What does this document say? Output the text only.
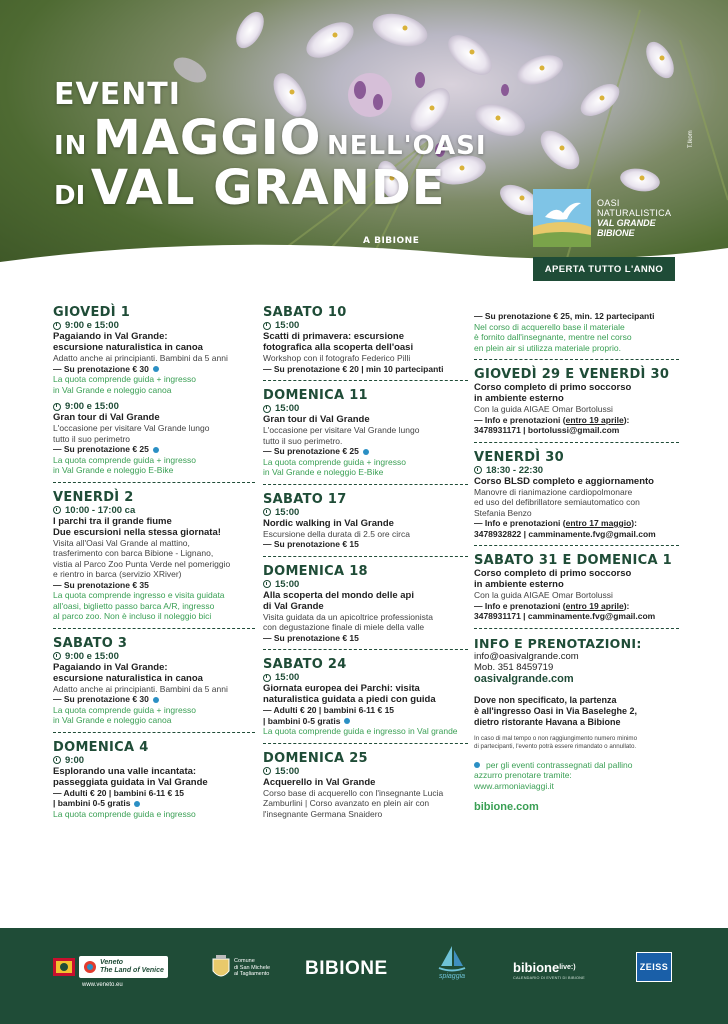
EVENTI
IN MAGGIO NELL'OASI
DI VAL GRANDE
A BIBIONE
T.Ikom
OASI
NATURALISTICA
VAL GRANDE
BIBIONE
APERTA TUTTO L'ANNO
GIOVEDÌ 1
9:00 e 15:00
Pagaiando in Val Grande:
escursione naturalistica in canoa
Adatto anche ai principianti. Bambini da 5 anni
— Su prenotazione € 30
La quota comprende guida + ingresso
in Val Grande e noleggio canoa
9:00 e 15:00
Gran tour di Val Grande
L'occasione per visitare Val Grande lungo
tutto il suo perimetro
— Su prenotazione € 25
La quota comprende guida + ingresso
in Val Grande e noleggio E-Bike
VENERDÌ 2
10:00 - 17:00 ca
I parchi tra il grande fiume
Due escursioni nella stessa giornata!
Visita all'Oasi Val Grande al mattino,
trasferimento con barca Bibione - Lignano,
vistia al Parco Zoo Punta Verde nel pomeriggio
e rientro in barca (servizio XRiver)
— Su prenotazione € 35
La quota comprende ingresso e visita guidata
all'oasi, biglietto passo barca A/R, ingresso
al parco zoo. Non è incluso il noleggio bici
SABATO 3
9:00 e 15:00
Pagaiando in Val Grande:
escursione naturalistica in canoa
Adatto anche ai principianti. Bambini da 5 anni
— Su prenotazione € 30
La quota comprende guida + ingresso
in Val Grande e noleggio canoa
DOMENICA 4
9:00
Esplorando una valle incantata:
passeggiata guidata in Val Grande
— Adulti € 20 | bambini 6-11 € 15
| bambini 0-5 gratis
La quota comprende guida e ingresso
SABATO 10
15:00
Scatti di primavera: escursione
fotografica alla scoperta dell'oasi
Workshop con il fotografo Federico Pilli
— Su prenotazione € 20 | min 10 partecipanti
DOMENICA 11
15:00
Gran tour di Val Grande
L'occasione per visitare Val Grande lungo
tutto il suo perimetro.
— Su prenotazione € 25
La quota comprende guida + ingresso
in Val Grande e noleggio E-Bike
SABATO 17
15:00
Nordic walking in Val Grande
Escursione della durata di 2.5 ore circa
— Su prenotazione € 15
DOMENICA 18
15:00
Alla scoperta del mondo delle api
di Val Grande
Visita guidata da un apicoltrice professionista
con degustazione finale di miele della valle
— Su prenotazione € 15
SABATO 24
15:00
Giornata europea dei Parchi: visita
naturalistica guidata a piedi con guida
— Adulti € 20 | bambini 6-11 € 15
| bambini 0-5 gratis
La quota comprende guida e ingresso in Val grande
DOMENICA 25
15:00
Acquerello in Val Grande
Corso base di acquerello con l'insegnante Lucia
Zamburlini | Corso avanzato en plein air con
l'insegnante Germana Snaidero
— Su prenotazione € 25, min. 12 partecipanti
Nel corso di acquerello base il materiale
è fornito dall'insegnante, mentre nel corso
en plein air si utilizza materiale proprio.
GIOVEDÌ 29 E VENERDÌ 30
Corso completo di primo soccorso
in ambiente esterno
Con la guida AIGAE Omar Bortolussi
— Info e prenotazioni (entro 19 aprile):
3478931171 | bortolussi@gmail.com
VENERDÌ 30
18:30 - 22:30
Corso BLSD completo e aggiornamento
Manovre di rianimazione cardiopolmonare
ed uso del defibrillatore semiautomatico con
Stefania Benzo
— Info e prenotazioni (entro 17 maggio):
3478932822 | camminamente.fvg@gmail.com
SABATO 31 E DOMENICA 1
Corso completo di primo soccorso
in ambiente esterno
Con la guida AIGAE Omar Bortolussi
— Info e prenotazioni (entro 19 aprile):
3478931171 | camminamente.fvg@gmail.com
INFO E PRENOTAZIONI:
info@oasivalgrande.com
Mob. 351 8459719
oasivalgrande.com
Dove non specificato, la partenza
è all'ingresso Oasi in Via Baseleghe 2,
dietro ristorante Havana a Bibione
In caso di mal tempo o non raggiungimento numero minimo
di partecipanti, l'evento potrà essere rimandato o annullato.
per gli eventi contrassegnati dal pallino
azzurro prenotare tramite:
www.armoniaviaggi.it
bibione.com
Veneto
The Land of Venice
www.veneto.eu
Comune
di San Michele
al Tagliamento BIBIONE	spiaggia
bibione live:)
CALENDARIO DI EVENTI DI BIBIONE
ZEISS
